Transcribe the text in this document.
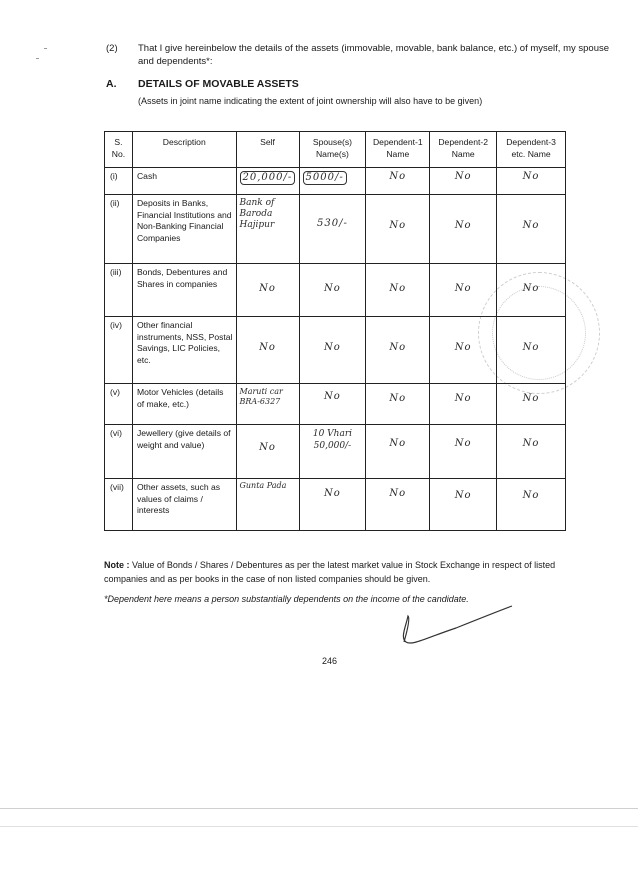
(2) That I give hereinbelow the details of the assets (immovable, movable, bank balance, etc.) of myself, my spouse and dependents*:
A. DETAILS OF MOVABLE ASSETS
(Assets in joint name indicating the extent of joint ownership will also have to be given)
S. No.	Description	Self	Spouse(s) Name(s)	Dependent-1 Name	Dependent-2 Name	Dependent-3 etc. Name
(i)	Cash	20,000/-	5000/-	No	No	No

(ii)	Deposits in Banks, Financial Institutions and Non-Banking Financial Companies	Bank of Baroda Hajipur	530/-	No	No	No

(iii)	Bonds, Debentures and Shares in companies	No	No	No	No	No

(iv)	Other financial instruments, NSS, Postal Savings, LIC Policies, etc.	No	No	No	No	No

(v)	Motor Vehicles (details of make, etc.)	Maruti car BRA-6327	No	No	No	No

(vi)	Jewellery (give details of weight and value)	No	10 Vhari 50,000/-	No	No	No

(vii)	Other assets, such as values of claims / interests	Gunta Pada	No	No	No	No
Note : Value of Bonds / Shares / Debentures as per the latest market value in Stock Exchange in respect of listed companies and as per books in the case of non listed companies should be given.
*Dependent here means a person substantially dependents on the income of the candidate.
246
